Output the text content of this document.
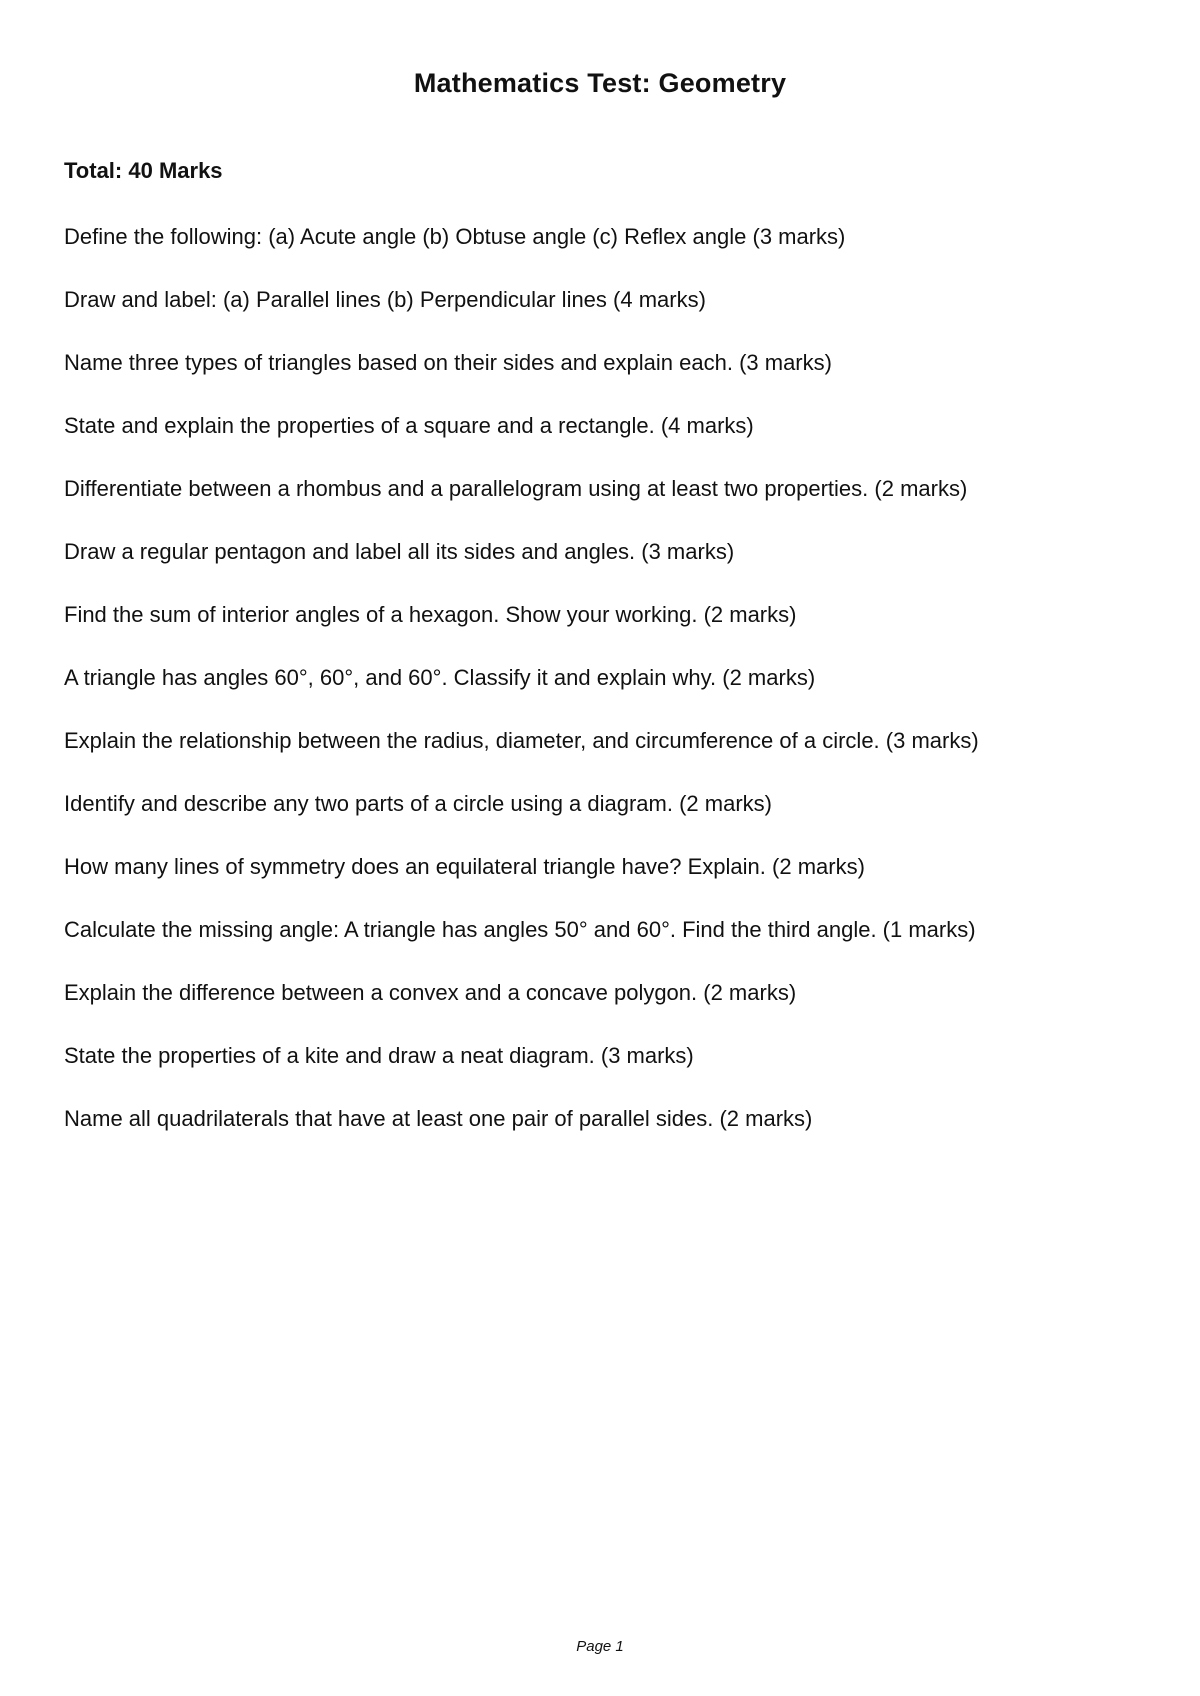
Mathematics Test: Geometry

Total: 40 Marks

Define the following: (a) Acute angle (b) Obtuse angle (c) Reflex angle (3 marks)
Draw and label: (a) Parallel lines (b) Perpendicular lines (4 marks)
Name three types of triangles based on their sides and explain each. (3 marks)
State and explain the properties of a square and a rectangle. (4 marks)
Differentiate between a rhombus and a parallelogram using at least two properties. (2 marks)
Draw a regular pentagon and label all its sides and angles. (3 marks)
Find the sum of interior angles of a hexagon. Show your working. (2 marks)
A triangle has angles 60°, 60°, and 60°. Classify it and explain why. (2 marks)
Explain the relationship between the radius, diameter, and circumference of a circle. (3 marks)
Identify and describe any two parts of a circle using a diagram. (2 marks)
How many lines of symmetry does an equilateral triangle have? Explain. (2 marks)
Calculate the missing angle: A triangle has angles 50° and 60°. Find the third angle. (1 marks)
Explain the difference between a convex and a concave polygon. (2 marks)
State the properties of a kite and draw a neat diagram. (3 marks)
Name all quadrilaterals that have at least one pair of parallel sides. (2 marks)
Page 1
